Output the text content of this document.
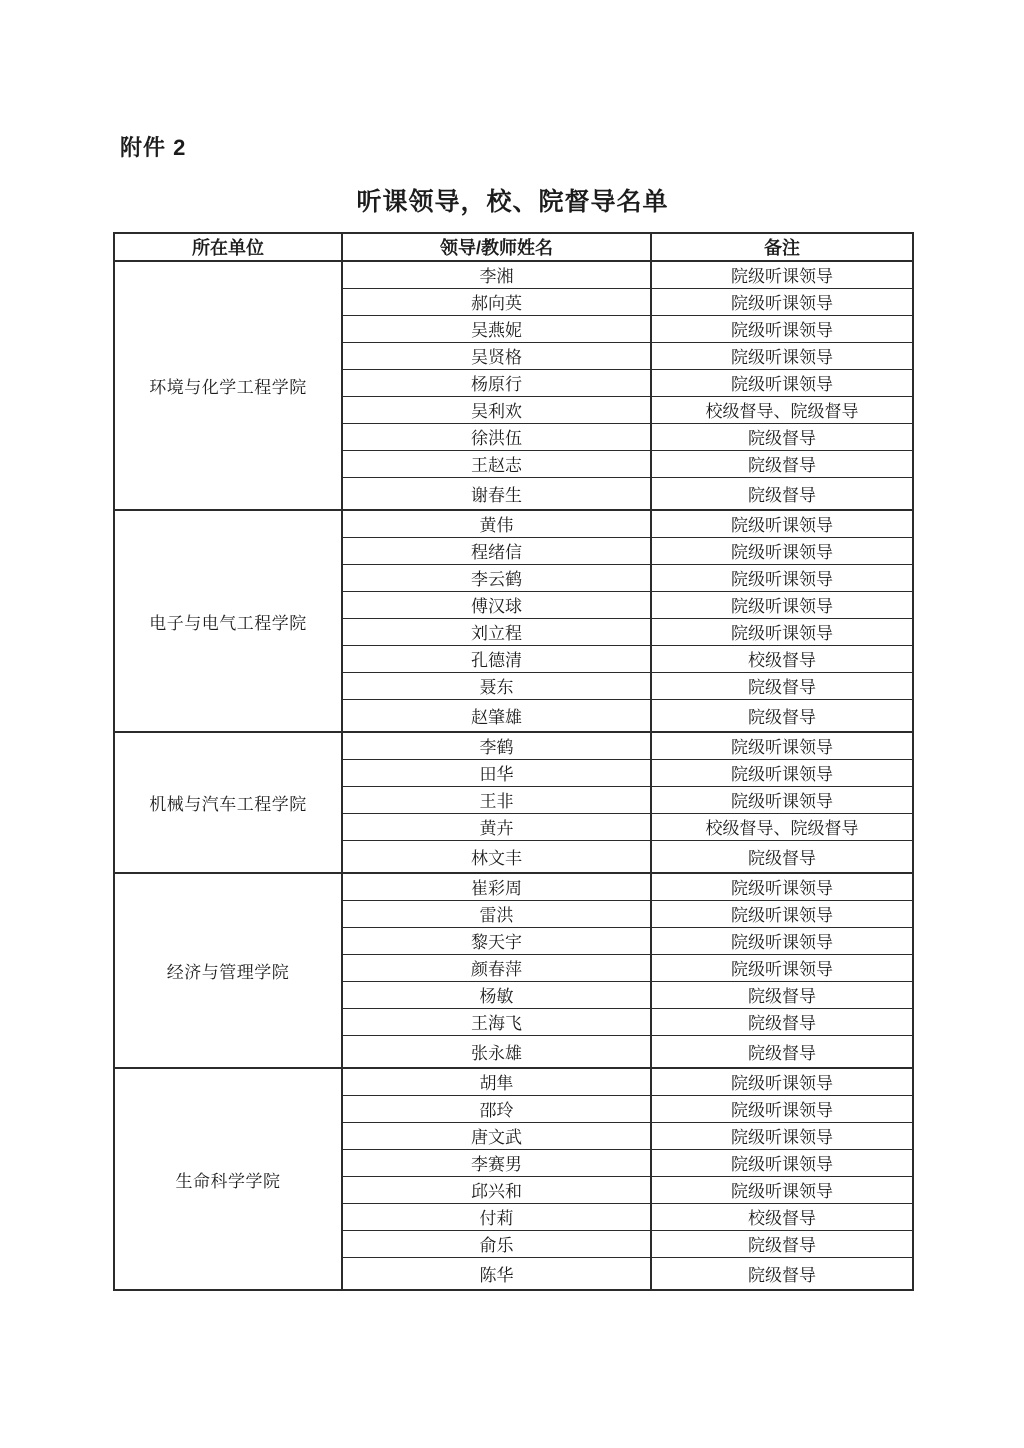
附件 2
听课领导，校、院督导名单
所在单位	领导/教师姓名	备注
环境与化学工程学院	李湘	院级听课领导
	郝向英	院级听课领导
	吴燕妮	院级听课领导
	吴贤格	院级听课领导
	杨原行	院级听课领导
	吴利欢	校级督导、院级督导
	徐洪伍	院级督导
	王赵志	院级督导
	谢春生	院级督导
电子与电气工程学院	黄伟	院级听课领导
	程绪信	院级听课领导
	李云鹤	院级听课领导
	傅汉球	院级听课领导
	刘立程	院级听课领导
	孔德清	校级督导
	聂东	院级督导
	赵肇雄	院级督导
机械与汽车工程学院	李鹤	院级听课领导
	田华	院级听课领导
	王非	院级听课领导
	黄卉	校级督导、院级督导
	林文丰	院级督导
经济与管理学院	崔彩周	院级听课领导
	雷洪	院级听课领导
	黎天宇	院级听课领导
	颜春萍	院级听课领导
	杨敏	院级督导
	王海飞	院级督导
	张永雄	院级督导
生命科学学院	胡隼	院级听课领导
	邵玲	院级听课领导
	唐文武	院级听课领导
	李赛男	院级听课领导
	邱兴和	院级听课领导
	付莉	校级督导
	俞乐	院级督导
	陈华	院级督导
